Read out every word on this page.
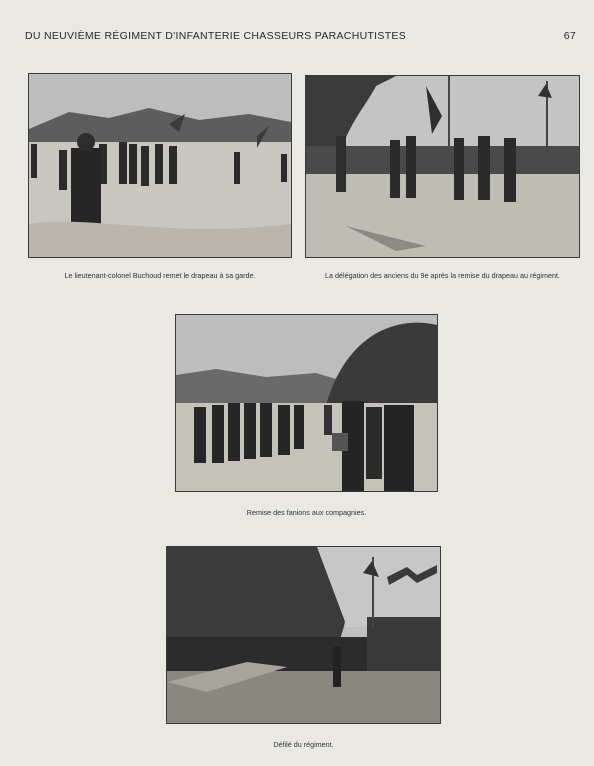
DU NEUVIÈME RÉGIMENT D'INFANTERIE CHASSEURS PARACHUTISTES	67
Le lieutenant-colonel Buchoud remet le drapeau à sa garde.	La délégation des anciens du 9e après la remise du drapeau au régiment.
Remise des fanions aux compagnies.
Défilé du régiment.
